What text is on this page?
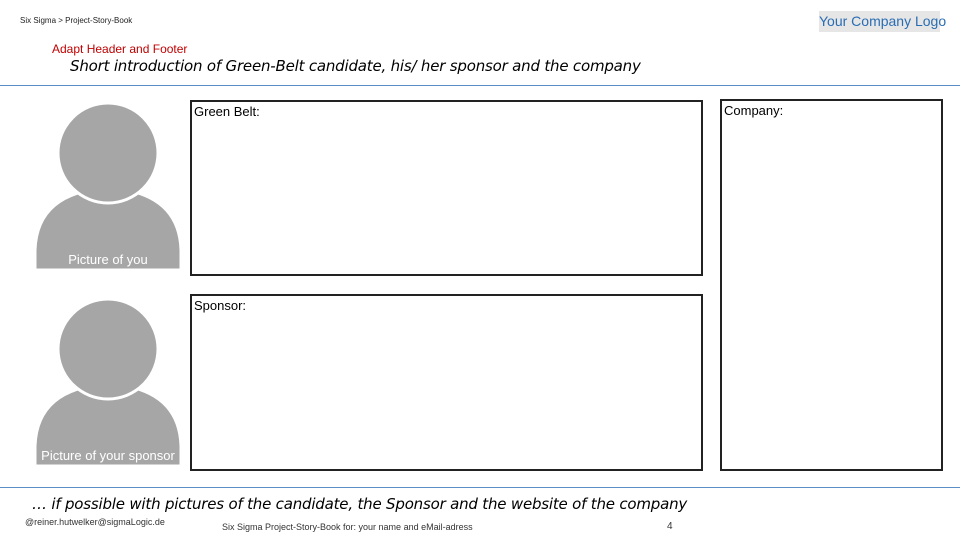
Six Sigma > Project-Story-Book	Your Company Logo
Adapt Header and Footer
Short introduction of Green-Belt candidate, his/ her sponsor and the company
Picture of you
Green Belt:	Company:
Picture of your sponsor
Sponsor:
… if possible with pictures of the candidate, the Sponsor and the website of the company
@reiner.hutwelker@sigmaLogic.de	Six Sigma Project-Story-Book for: your name and eMail-adress	4
